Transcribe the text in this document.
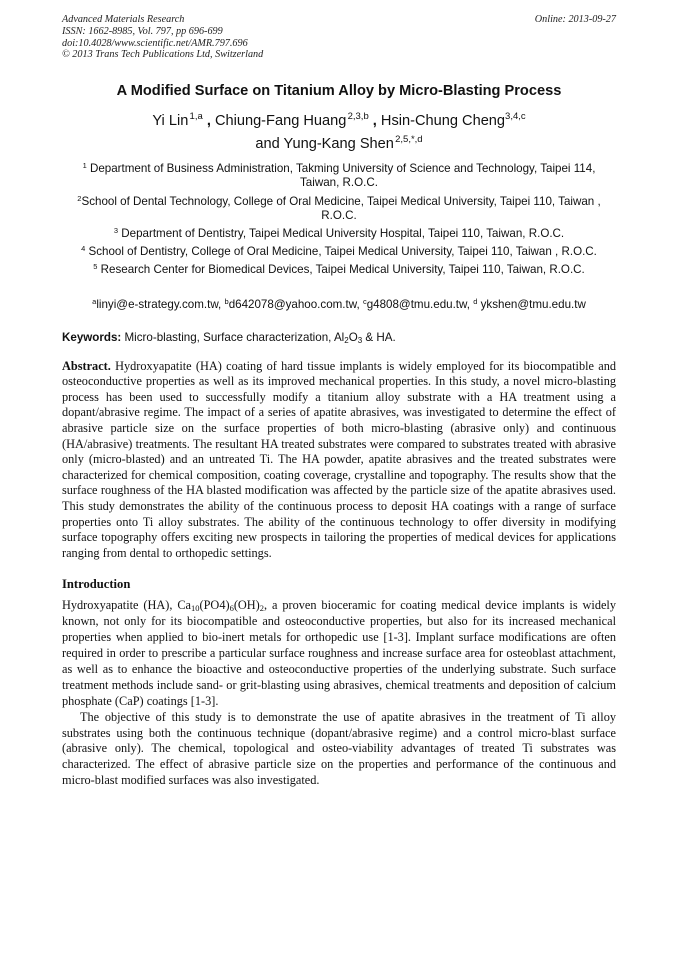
Advanced Materials Research
ISSN: 1662-8985, Vol. 797, pp 696-699
doi:10.4028/www.scientific.net/AMR.797.696
© 2013 Trans Tech Publications Ltd, Switzerland
Online: 2013-09-27
A Modified Surface on Titanium Alloy by Micro-Blasting Process
Yi Lin $^{1,a}$ , Chiung-Fang Huang $^{2,3,b}$ , Hsin-Chung Cheng$^{3,4,c}$
and Yung-Kang Shen $^{2,5,*,d}$
$^1$ Department of Business Administration, Takming University of Science and Technology, Taipei 114, Taiwan, R.O.C.
$^2$School of Dental Technology, College of Oral Medicine, Taipei Medical University, Taipei 110, Taiwan , R.O.C.
$^3$ Department of Dentistry, Taipei Medical University Hospital, Taipei 110, Taiwan, R.O.C.
$^4$ School of Dentistry, College of Oral Medicine, Taipei Medical University, Taipei 110, Taiwan , R.O.C.
$^5$ Research Center for Biomedical Devices, Taipei Medical University, Taipei 110, Taiwan, R.O.C.
$^a$linyi@e-strategy.com.tw, $^b$d642078@yahoo.com.tw, $^c$g4808@tmu.edu.tw, $^d$ ykshen@tmu.edu.tw
Keywords: Micro-blasting, Surface characterization, $Al_2O_3$ & HA.
Abstract. Hydroxyapatite (HA) coating of hard tissue implants is widely employed for its biocompatible and osteoconductive properties as well as its improved mechanical properties. In this study, a novel micro-blasting process has been used to successfully modify a titanium alloy substrate with a HA treatment using a dopant/abrasive regime. The impact of a series of apatite abrasives, was investigated to determine the effect of abrasive particle size on the surface properties of both micro-blasting (abrasive only) and continuous (HA/abrasive) treatments. The resultant HA treated substrates were compared to substrates treated with abrasive only (micro-blasted) and an untreated Ti. The HA powder, apatite abrasives and the treated substrates were characterized for chemical composition, coating coverage, crystalline and topography. The results show that the surface roughness of the HA blasted modification was affected by the particle size of the apatite abrasives used. This study demonstrates the ability of the continuous process to deposit HA coatings with a range of surface properties onto Ti alloy substrates. The ability of the continuous technology to offer diversity in modifying surface topography offers exciting new prospects in tailoring the properties of medical devices for applications ranging from dental to orthopedic settings.
Introduction

Hydroxyapatite (HA), $Ca_{10}(PO4)_6(OH)_2$, a proven bioceramic for coating medical device implants is widely known, not only for its biocompatible and osteoconductive properties, but also for its increased mechanical properties when applied to bio-inert metals for orthopedic use [1-3]. Implant surface modifications are often required in order to prescribe a particular surface roughness and increase surface area for osteoblast attachment, as well as to enhance the bioactive and osteoconductive properties of the underlying substrate. Such surface treatment methods include sand- or grit-blasting using abrasives, chemical treatments and deposition of calcium phosphate (CaP) coatings [1-3].

The objective of this study is to demonstrate the use of apatite abrasives in the treatment of Ti alloy substrates using both the continuous technique (dopant/abrasive regime) and a control micro-blast surface (abrasive only). The chemical, topological and osteo-viability advantages of treated Ti substrates was characterized. The effect of abrasive particle size on the properties and performance of the continuous and micro-blast modified surfaces was also investigated.
